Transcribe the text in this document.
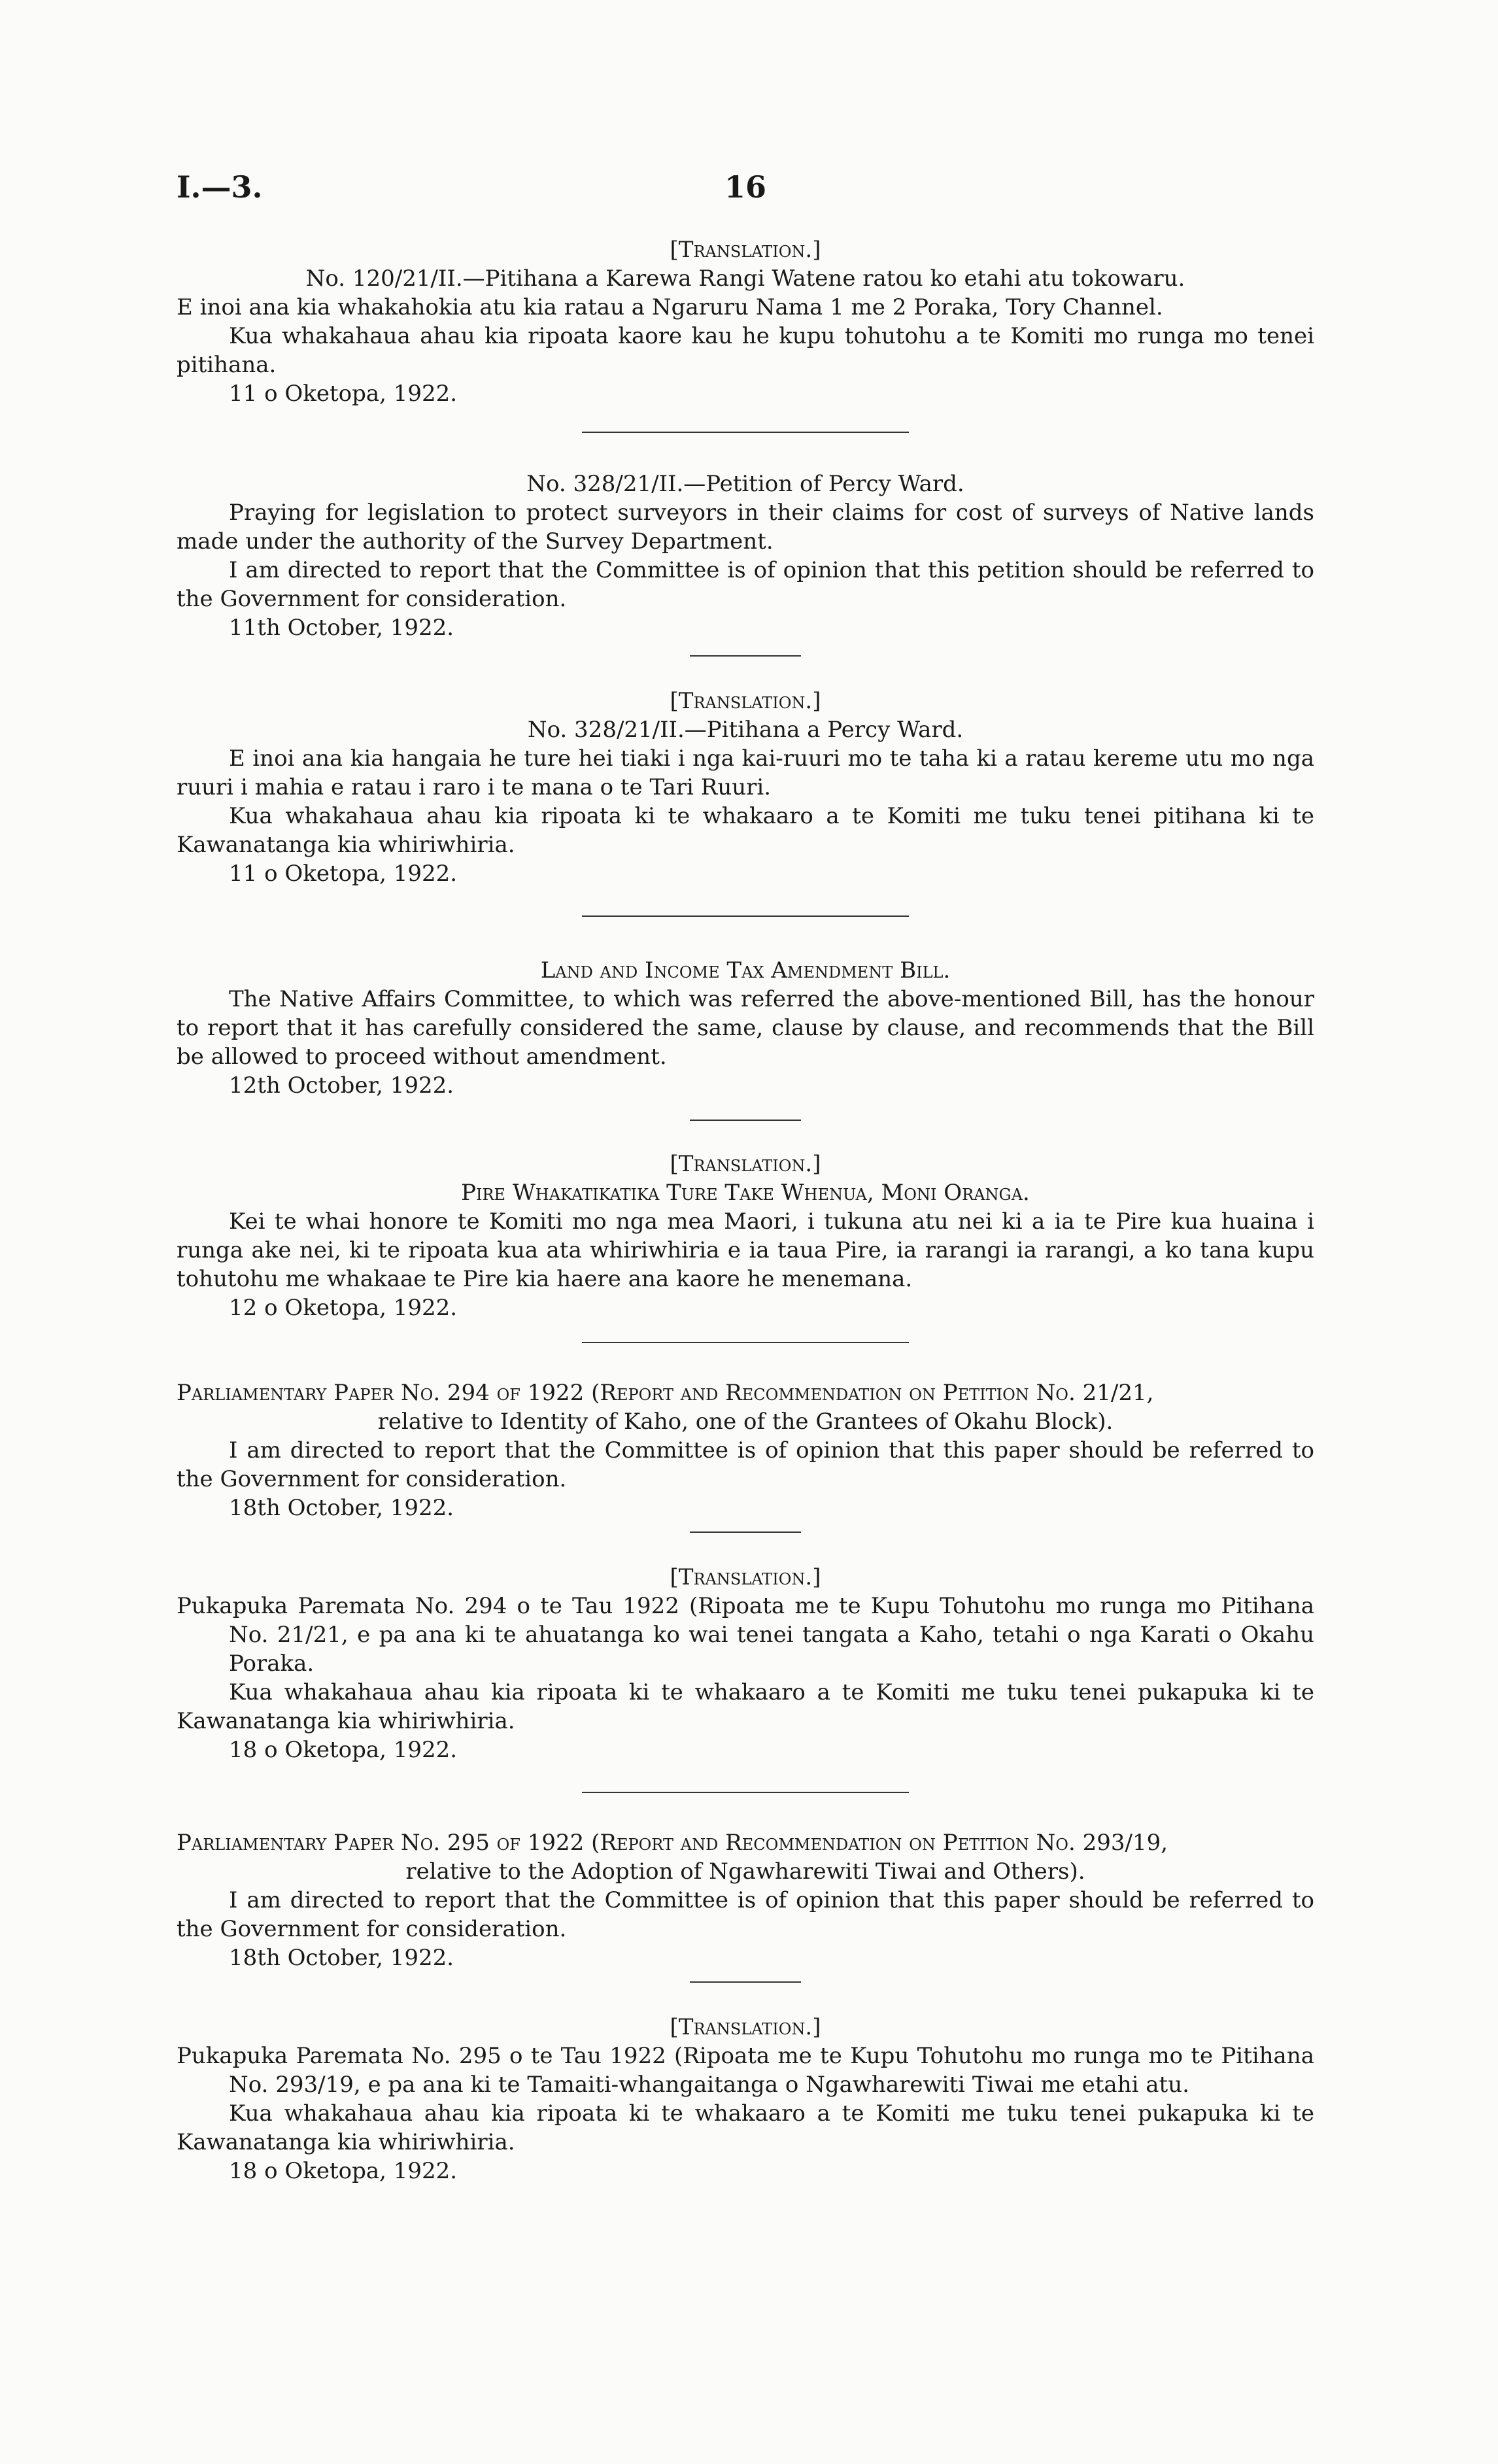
I.—3.	16
[Translation.]
No. 120/21/II.—Pitihana a Karewa Rangi Watene ratou ko etahi atu tokowaru.

E inoi ana kia whakahokia atu kia ratau a Ngaruru Nama 1 me 2 Poraka, Tory Channel.

Kua whakahaua ahau kia ripoata kaore kau he kupu tohutohu a te Komiti mo runga mo tenei pitihana.

11 o Oketopa, 1922.
No. 328/21/II.—Petition of Percy Ward.

Praying for legislation to protect surveyors in their claims for cost of surveys of Native lands made under the authority of the Survey Department.

I am directed to report that the Committee is of opinion that this petition should be referred to the Government for consideration.

11th October, 1922.
[Translation.]
No. 328/21/II.—Pitihana a Percy Ward.

E inoi ana kia hangaia he ture hei tiaki i nga kai-ruuri mo te taha ki a ratau kereme utu mo nga ruuri i mahia e ratau i raro i te mana o te Tari Ruuri.

Kua whakahaua ahau kia ripoata ki te whakaaro a te Komiti me tuku tenei pitihana ki te Kawanatanga kia whiriwhiria.

11 o Oketopa, 1922.
Land and Income Tax Amendment Bill.

The Native Affairs Committee, to which was referred the above-mentioned Bill, has the honour to report that it has carefully considered the same, clause by clause, and recommends that the Bill be allowed to proceed without amendment.

12th October, 1922.
[Translation.]
Pire Whakatikatika Ture Take Whenua, Moni Oranga.

Kei te whai honore te Komiti mo nga mea Maori, i tukuna atu nei ki a ia te Pire kua huaina i runga ake nei, ki te ripoata kua ata whiriwhiria e ia taua Pire, ia rarangi ia rarangi, a ko tana kupu tohutohu me whakaae te Pire kia haere ana kaore he menemana.

12 o Oketopa, 1922.
Parliamentary Paper No. 294 of 1922 (Report and Recommendation on Petition No. 21/21,
relative to Identity of Kaho, one of the Grantees of Okahu Block).

I am directed to report that the Committee is of opinion that this paper should be referred to the Government for consideration.

18th October, 1922.
[Translation.]

Pukapuka Paremata No. 294 o te Tau 1922 (Ripoata me te Kupu Tohutohu mo runga mo Pitihana No. 21/21, e pa ana ki te ahuatanga ko wai tenei tangata a Kaho, tetahi o nga Karati o Okahu Poraka.

Kua whakahaua ahau kia ripoata ki te whakaaro a te Komiti me tuku tenei pukapuka ki te Kawanatanga kia whiriwhiria.

18 o Oketopa, 1922.
Parliamentary Paper No. 295 of 1922 (Report and Recommendation on Petition No. 293/19,
relative to the Adoption of Ngawharewiti Tiwai and Others).

I am directed to report that the Committee is of opinion that this paper should be referred to the Government for consideration.

18th October, 1922.
[Translation.]

Pukapuka Paremata No. 295 o te Tau 1922 (Ripoata me te Kupu Tohutohu mo runga mo te Pitihana No. 293/19, e pa ana ki te Tamaiti-whangaitanga o Ngawharewiti Tiwai me etahi atu.

Kua whakahaua ahau kia ripoata ki te whakaaro a te Komiti me tuku tenei pukapuka ki te Kawanatanga kia whiriwhiria.

18 o Oketopa, 1922.
